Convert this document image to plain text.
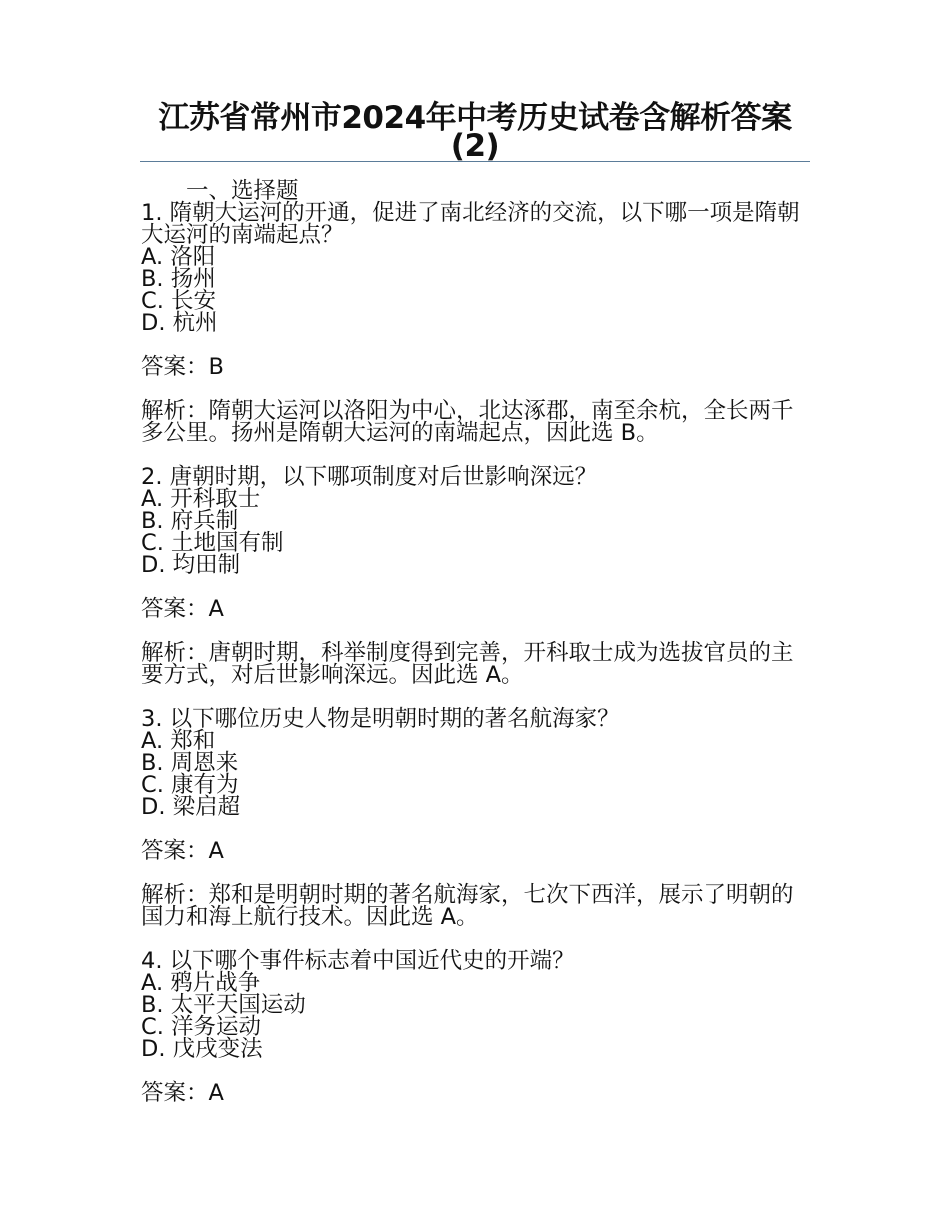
江苏省常州市2024年中考历史试卷含解析答案(2)
一、选择题
1. 隋朝大运河的开通，促进了南北经济的交流，以下哪一项是隋朝大运河的南端起点？
A. 洛阳
B. 扬州
C. 长安
D. 杭州
答案：B
解析：隋朝大运河以洛阳为中心，北达涿郡，南至余杭，全长两千多公里。扬州是隋朝大运河的南端起点，因此选 B。
2. 唐朝时期，以下哪项制度对后世影响深远？
A. 开科取士
B. 府兵制
C. 土地国有制
D. 均田制
答案：A
解析：唐朝时期，科举制度得到完善，开科取士成为选拔官员的主要方式，对后世影响深远。因此选 A。
3. 以下哪位历史人物是明朝时期的著名航海家？
A. 郑和
B. 周恩来
C. 康有为
D. 梁启超
答案：A
解析：郑和是明朝时期的著名航海家，七次下西洋，展示了明朝的国力和海上航行技术。因此选 A。
4. 以下哪个事件标志着中国近代史的开端？
A. 鸦片战争
B. 太平天国运动
C. 洋务运动
D. 戊戌变法
答案：A
